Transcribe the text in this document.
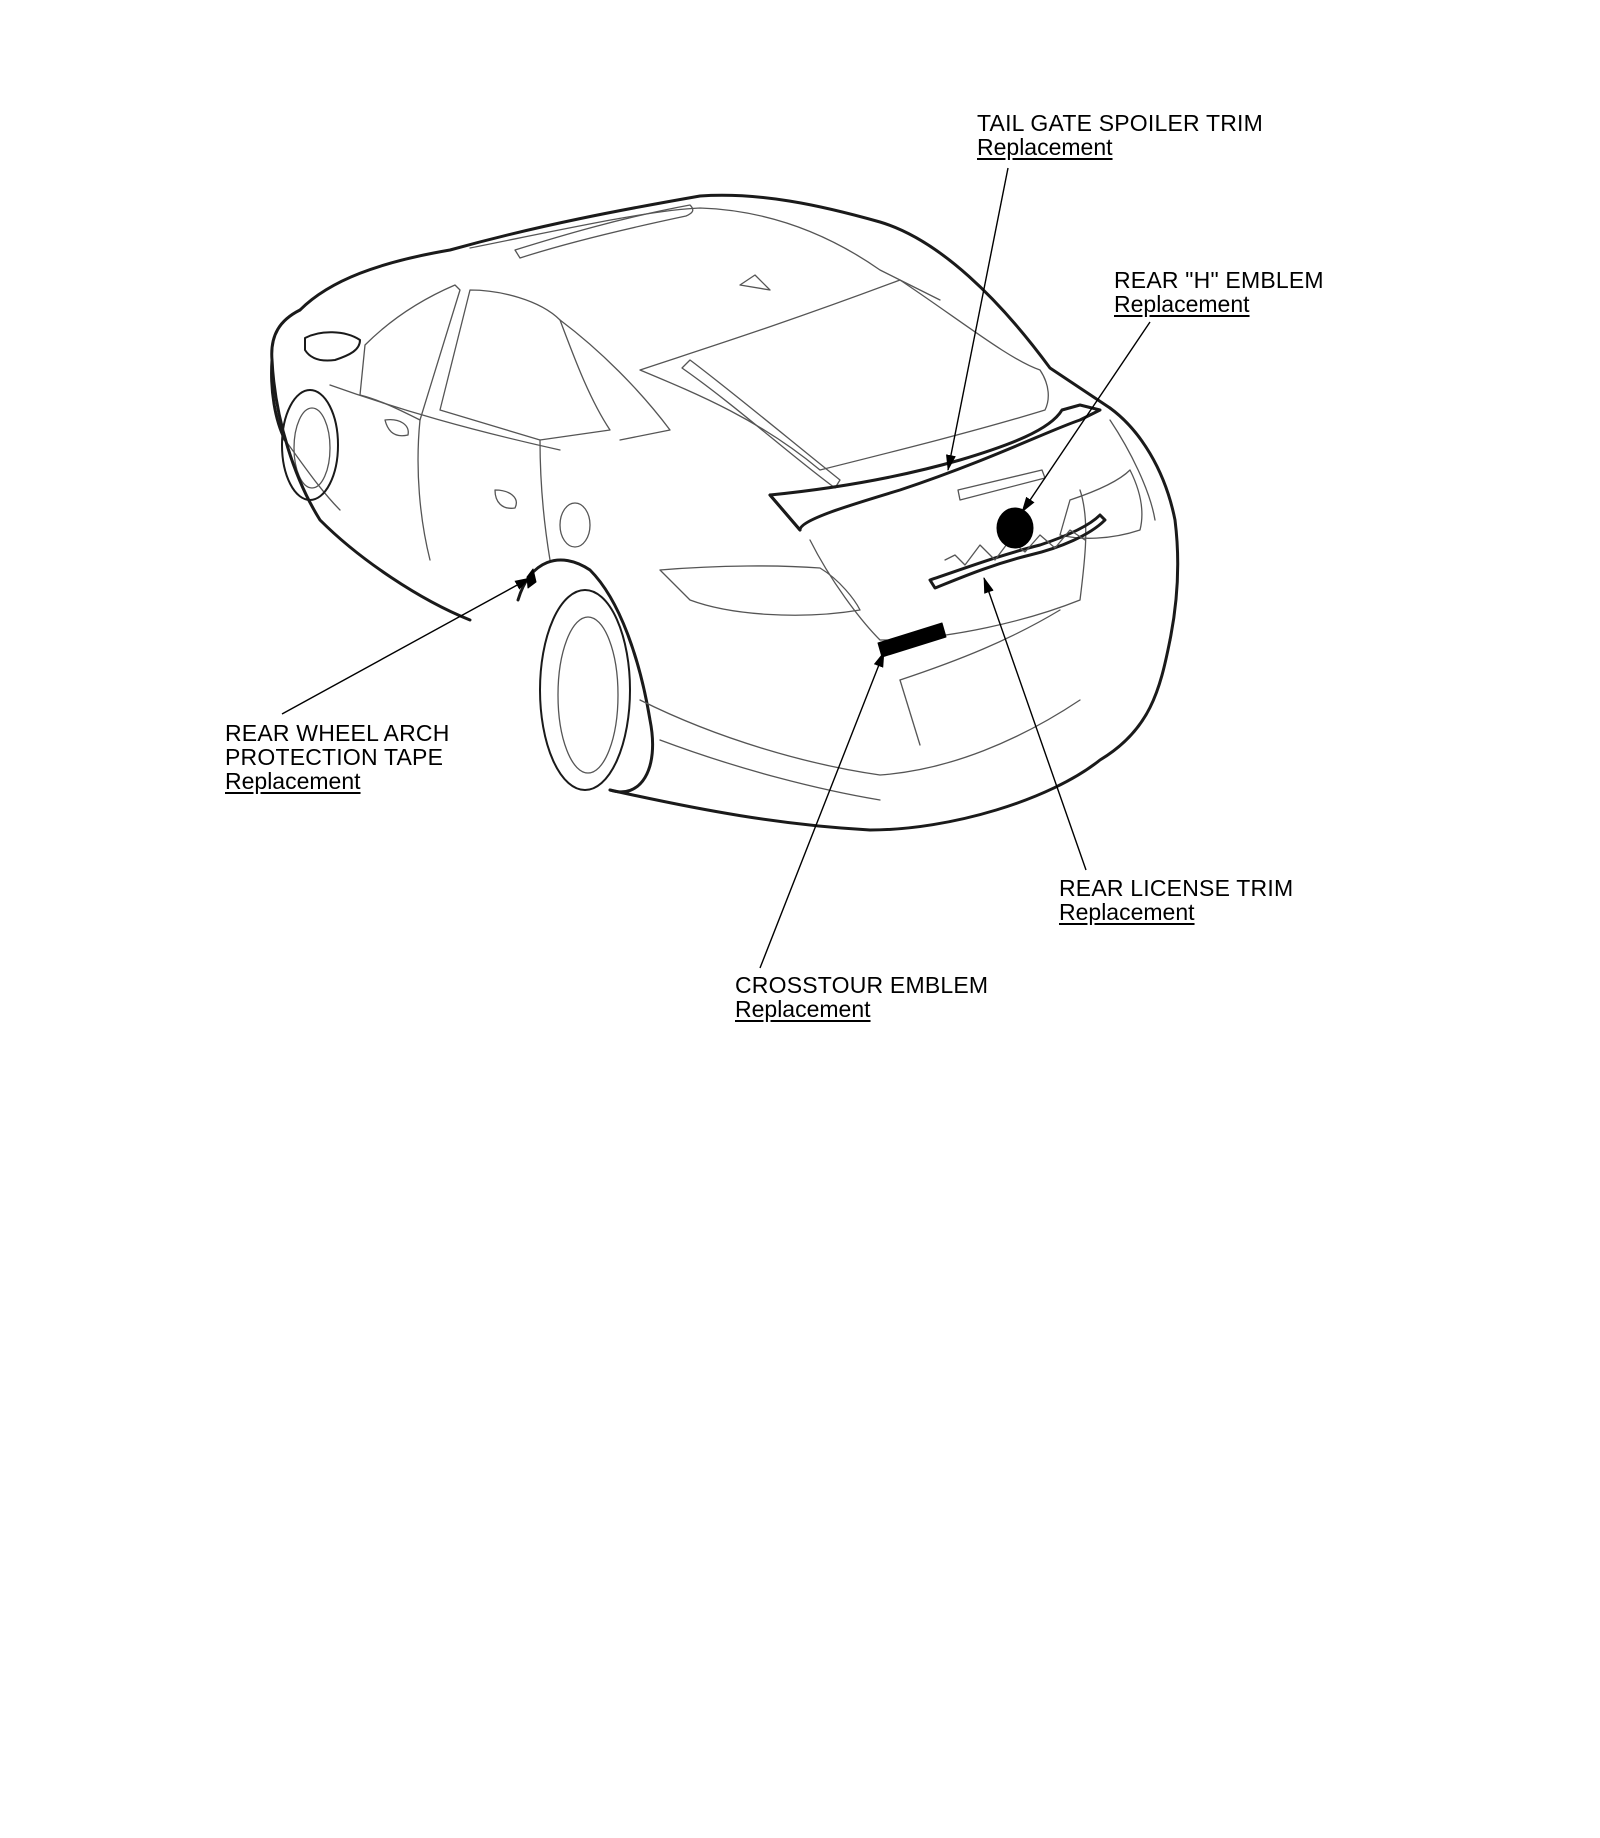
TAIL GATE SPOILER TRIM
Replacement
REAR "H" EMBLEM
Replacement
REAR WHEEL ARCH
PROTECTION TAPE
Replacement
REAR LICENSE TRIM
Replacement
CROSSTOUR EMBLEM
Replacement
